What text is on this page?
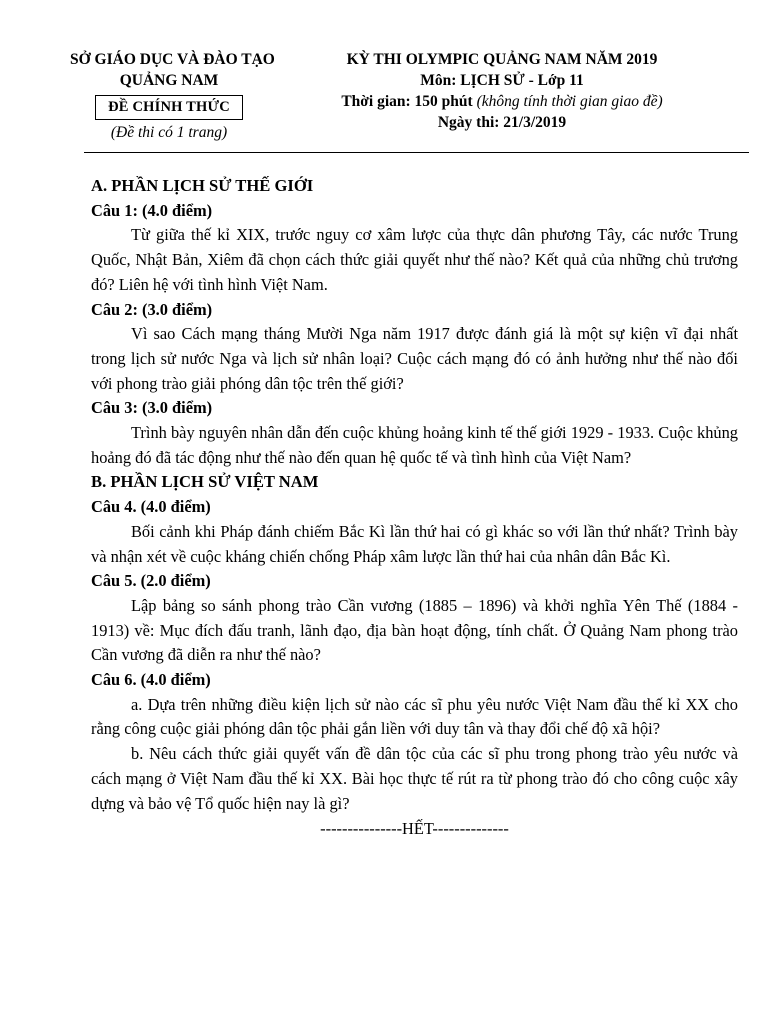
SỞ GIÁO DỤC VÀ ĐÀO TẠO
QUẢNG NAM
ĐỀ CHÍNH THỨC
(Đề thi có 1 trang)
KỲ THI OLYMPIC QUẢNG NAM NĂM 2019
Môn: LỊCH SỬ - Lớp 11
Thời gian: 150 phút (không tính thời gian giao đề)
Ngày thi: 21/3/2019
A. PHẦN LỊCH SỬ THẾ GIỚI
Câu 1: (4.0 điểm)

Từ giữa thế kỉ XIX, trước nguy cơ xâm lược của thực dân phương Tây, các nước Trung Quốc, Nhật Bản, Xiêm đã chọn cách thức giải quyết như thế nào? Kết quả của những chủ trương đó? Liên hệ với tình hình Việt Nam.

Câu 2: (3.0 điểm)

Vì sao Cách mạng tháng Mười Nga năm 1917 được đánh giá là một sự kiện vĩ đại nhất trong lịch sử nước Nga và lịch sử nhân loại? Cuộc cách mạng đó có ảnh hưởng như thế nào đối với phong trào giải phóng dân tộc trên thế giới?

Câu 3: (3.0 điểm)

Trình bày nguyên nhân dẫn đến cuộc khủng hoảng kinh tế thế giới 1929 - 1933. Cuộc khủng hoảng đó đã tác động như thế nào đến quan hệ quốc tế và tình hình của Việt Nam?

B. PHẦN LỊCH SỬ VIỆT NAM
Câu 4. (4.0 điểm)

Bối cảnh khi Pháp đánh chiếm Bắc Kì lần thứ hai có gì khác so với lần thứ nhất? Trình bày và nhận xét về cuộc kháng chiến chống Pháp xâm lược lần thứ hai của nhân dân Bắc Kì.

Câu 5. (2.0 điểm)

Lập bảng so sánh phong trào Cần vương (1885 – 1896) và khởi nghĩa Yên Thế (1884 - 1913) về: Mục đích đấu tranh, lãnh đạo, địa bàn hoạt động, tính chất. Ở Quảng Nam phong trào Cần vương đã diễn ra như thế nào?

Câu 6. (4.0 điểm)

a. Dựa trên những điều kiện lịch sử nào các sĩ phu yêu nước Việt Nam đầu thế kỉ XX cho rằng công cuộc giải phóng dân tộc phải gắn liền với duy tân và thay đổi chế độ xã hội?

b. Nêu cách thức giải quyết vấn đề dân tộc của các sĩ phu trong phong trào yêu nước và cách mạng ở Việt Nam đầu thế kỉ XX. Bài học thực tế rút ra từ phong trào đó cho công cuộc xây dựng và bảo vệ Tổ quốc hiện nay là gì?

---------------HẾT--------------
